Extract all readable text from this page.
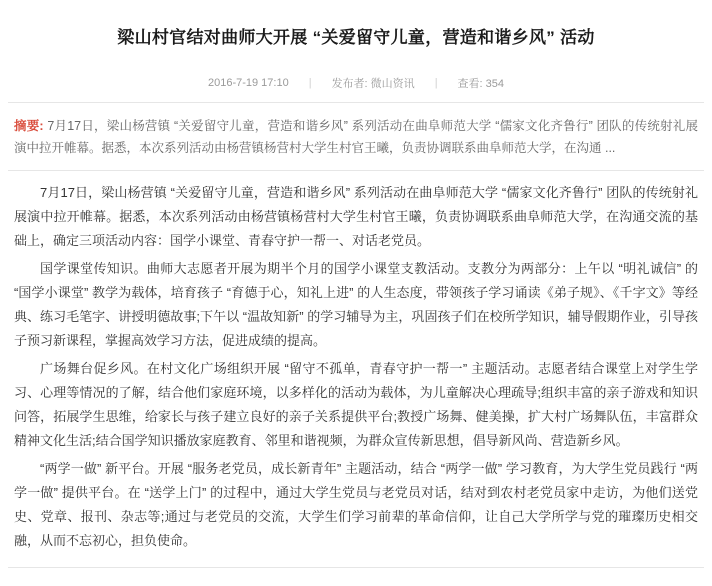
梁山村官结对曲师大开展 “关爱留守儿童，营造和谐乡风” 活动
2016-7-19 17:10 | 发布者: 微山资讯 | 查看: 354
摘要: 7月17日，梁山杨营镇 “关爱留守儿童，营造和谐乡风” 系列活动在曲阜师范大学 “儒家文化齐鲁行” 团队的传统射礼展演中拉开帷幕。据悉，本次系列活动由杨营镇杨营村大学生村官王曦，负责协调联系曲阜师范大学，在沟通 ...

7月17日，梁山杨营镇 “关爱留守儿童，营造和谐乡风” 系列活动在曲阜师范大学 “儒家文化齐鲁行” 团队的传统射礼展演中拉开帷幕。据悉，本次系列活动由杨营镇杨营村大学生村官王曦，负责协调联系曲阜师范大学，在沟通交流的基础上，确定三项活动内容：国学小课堂、青春守护一帮一、对话老党员。

国学课堂传知识。曲师大志愿者开展为期半个月的国学小课堂支教活动。支教分为两部分：上午以 “明礼诚信” 的 “国学小课堂” 教学为载体，培育孩子 “育德于心，知礼上进” 的人生态度，带领孩子学习诵读《弟子规》、《千字文》等经典、练习毛笔字、讲授明德故事;下午以 “温故知新” 的学习辅导为主，巩固孩子们在校所学知识，辅导假期作业，引导孩子预习新课程，掌握高效学习方法，促进成绩的提高。

广场舞台促乡风。在村文化广场组织开展 “留守不孤单，青春守护一帮一” 主题活动。志愿者结合课堂上对学生学习、心理等情况的了解，结合他们家庭环境，以多样化的活动为载体，为儿童解决心理疏导;组织丰富的亲子游戏和知识问答，拓展学生思维，给家长与孩子建立良好的亲子关系提供平台;教授广场舞、健美操，扩大村广场舞队伍，丰富群众精神文化生活;结合国学知识播放家庭教育、邻里和谐视频，为群众宣传新思想，倡导新风尚、营造新乡风。

“两学一做” 新平台。开展 “服务老党员，成长新青年” 主题活动，结合 “两学一做” 学习教育，为大学生党员践行 “两学一做” 提供平台。在 “送学上门” 的过程中，通过大学生党员与老党员对话，结对到农村老党员家中走访，为他们送党史、党章、报刊、杂志等;通过与老党员的交流，大学生们学习前辈的革命信仰，让自己大学所学与党的璀璨历史相交融，从而不忘初心，担负使命。
